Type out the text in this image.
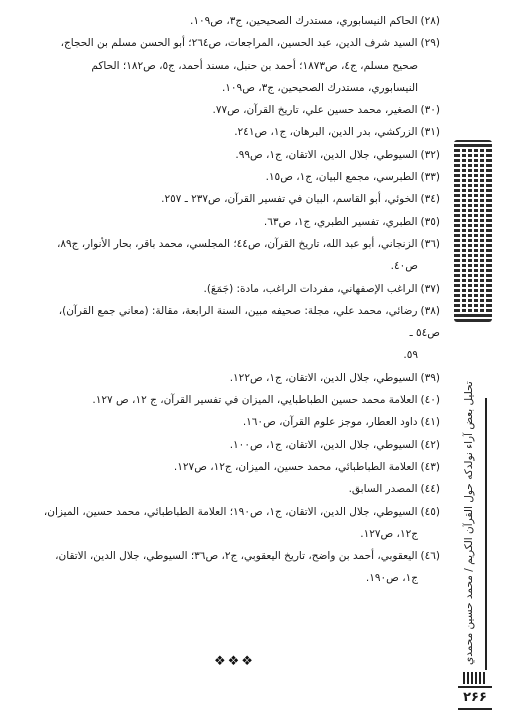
(٢٨)الحاكم النيسابوري، مستدرك الصحيحين، ج٣، ص١٠٩.
(٢٩)السيد شرف الدين، عبد الحسين، المراجعات، ص٢٦٤؛ أبو الحسن مسلم بن الحجاج،
صحيح مسلم، ج٤، ص١٨٧٣؛ أحمد بن حنبل، مسند أحمد، ج٥، ص١٨٢؛ الحاكم
النيسابوري، مستدرك الصحيحين، ج٣، ص١٠٩.
(٣٠)الصغير، محمد حسين علي، تاريخ القرآن، ص٧٧.
(٣١)الزركشي، بدر الدين، البرهان، ج١، ص٢٤١.
(٣٢)السيوطي، جلال الدين، الاتقان، ج١، ص٩٩.
(٣٣)الطبرسي، مجمع البيان، ج١، ص١٥.
(٣٤)الخوئي، أبو القاسم، البيان في تفسير القرآن، ص٢٣٧ ـ ٢٥٧.
(٣٥)الطبري، تفسير الطبري، ج١، ص٦٣.
(٣٦)الزنجاني، أبو عبد الله، تاريخ القرآن، ص٤٤؛ المجلسي، محمد باقر، بحار الأنوار، ج٨٩،
ص٤٠.
(٣٧)الراغب الإصفهاني، مفردات الراغب، مادة: (جَمَعَ).
(٣٨)رضائي، محمد علي، مجلة: صحيفه مبين، السنة الرابعة، مقالة: (معاني جمع القرآن)، ص٥٤ ـ
٥٩.
(٣٩)السيوطي، جلال الدين، الاتقان، ج١، ص١٢٢.
(٤٠)العلامة محمد حسين الطباطبايي، الميزان في تفسير القرآن، ج ١٢، ص ١٢٧.
(٤١)داود العطار، موجز علوم القرآن، ص١٦٠.
(٤٢)السيوطي، جلال الدين، الاتقان، ج١، ص١٠٠.
(٤٣)العلامة الطباطبائي، محمد حسين، الميزان، ج١٢، ص١٢٧.
(٤٤)المصدر السابق.
(٤٥)السيوطي، جلال الدين، الاتقان، ج١، ص١٩٠؛ العلامة الطباطبائي، محمد حسين، الميزان،
ج١٢، ص١٢٧.
(٤٦)اليعقوبي، أحمد بن واضح، تاريخ اليعقوبي، ج٢، ص٣٦؛ السيوطي، جلال الدين، الاتقان،
ج١، ص١٩٠.
❖❖❖	تحلیل بعض آراء نولدکه حول القرآن الکریم / محمد حسین محمدي
۲۶۶
